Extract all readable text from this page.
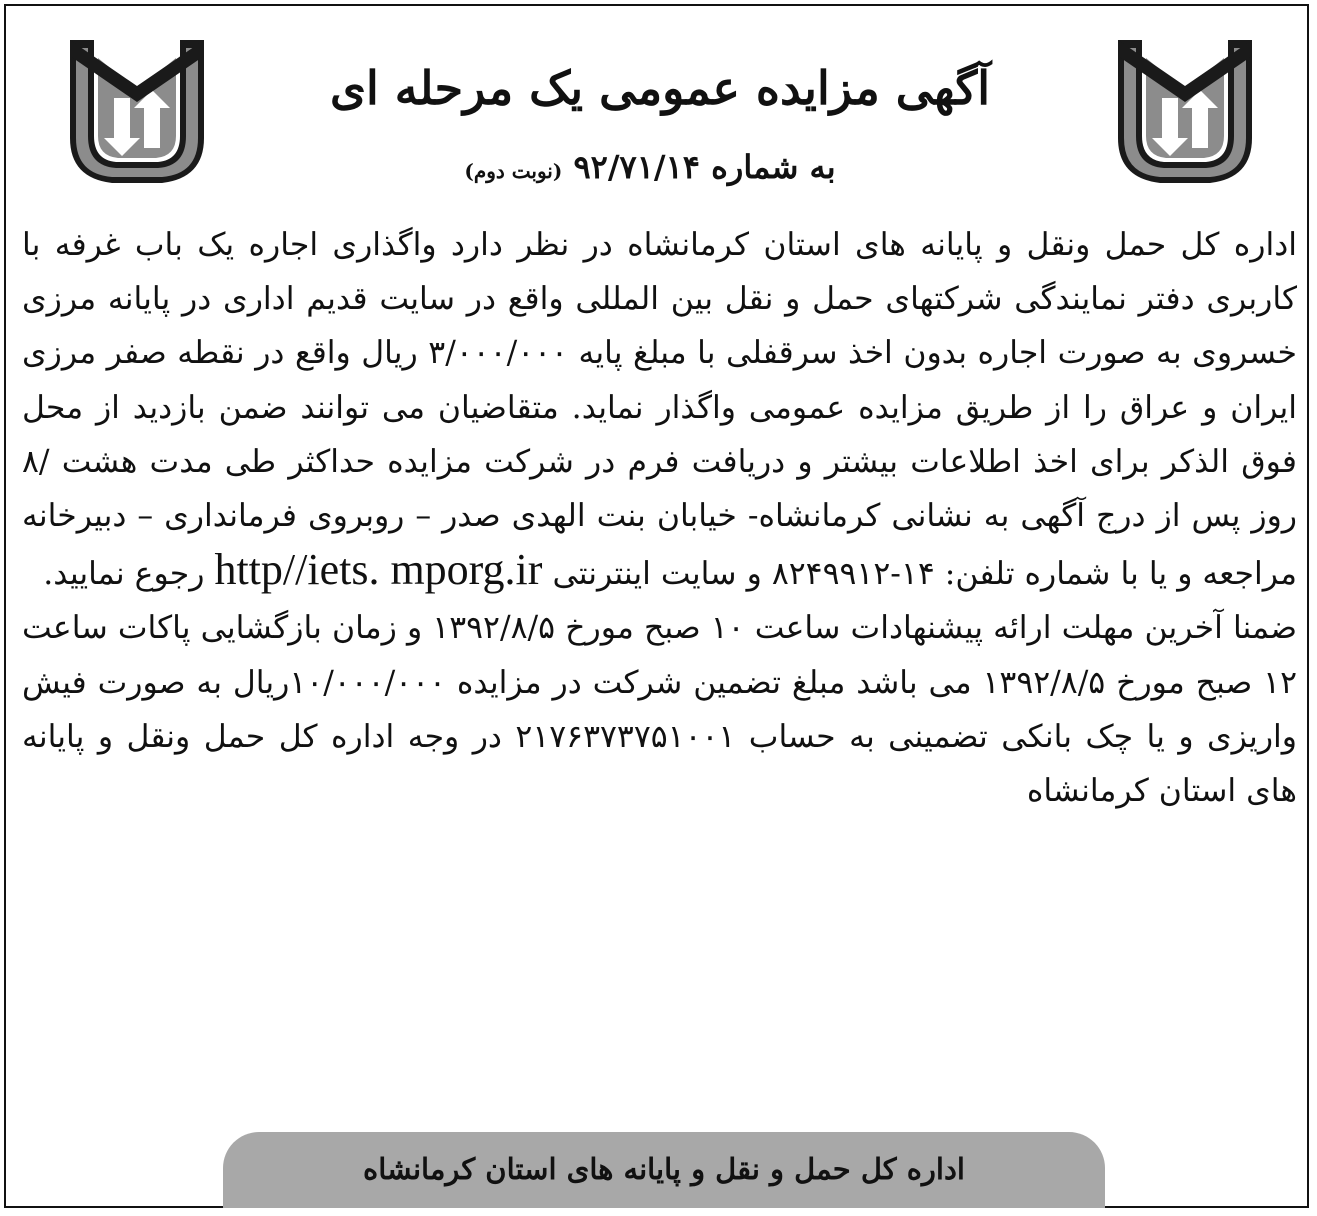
آگهی مزایده عمومی یک مرحله ای
به شماره ۹۲/۷۱/۱۴ (نوبت دوم)

اداره کل حمل ونقل و پایانه های استان کرمانشاه در نظر دارد واگذاری اجاره یک باب غرفه با کاربری دفتر نمایندگی شرکتهای حمل و نقل بین المللی واقع در سایت قدیم اداری در پایانه مرزی خسروی به صورت اجاره بدون اخذ سرقفلی با مبلغ پایه ۳/۰۰۰/۰۰۰ ریال واقع در نقطه صفر مرزی ایران و عراق را از طریق مزایده عمومی واگذار نماید. متقاضیان می توانند ضمن بازدید از محل فوق الذکر برای اخذ اطلاعات بیشتر و دریافت فرم در شرکت مزایده حداکثر طی مدت هشت /۸ روز پس از درج آگهی به نشانی کرمانشاه- خیابان بنت الهدی صدر – روبروی فرمانداری – دبیرخانه مراجعه و یا با شماره تلفن: ۱۴-۸۲۴۹۹۱۲ و سایت اینترنتی http//iets. mporg.ir رجوع نمایید.

ضمنا آخرین مهلت ارائه پیشنهادات ساعت ۱۰ صبح مورخ ۱۳۹۲/۸/۵ و زمان بازگشایی پاکات ساعت ۱۲ صبح مورخ ۱۳۹۲/۸/۵ می باشد مبلغ تضمین شرکت در مزایده ۱۰/۰۰۰/۰۰۰ریال به صورت فیش واریزی و یا چک بانکی تضمینی به حساب ۲۱۷۶۳۷۳۷۵۱۰۰۱ در وجه اداره کل حمل ونقل و پایانه های استان کرمانشاه

اداره کل حمل و نقل و پایانه های استان کرمانشاه
